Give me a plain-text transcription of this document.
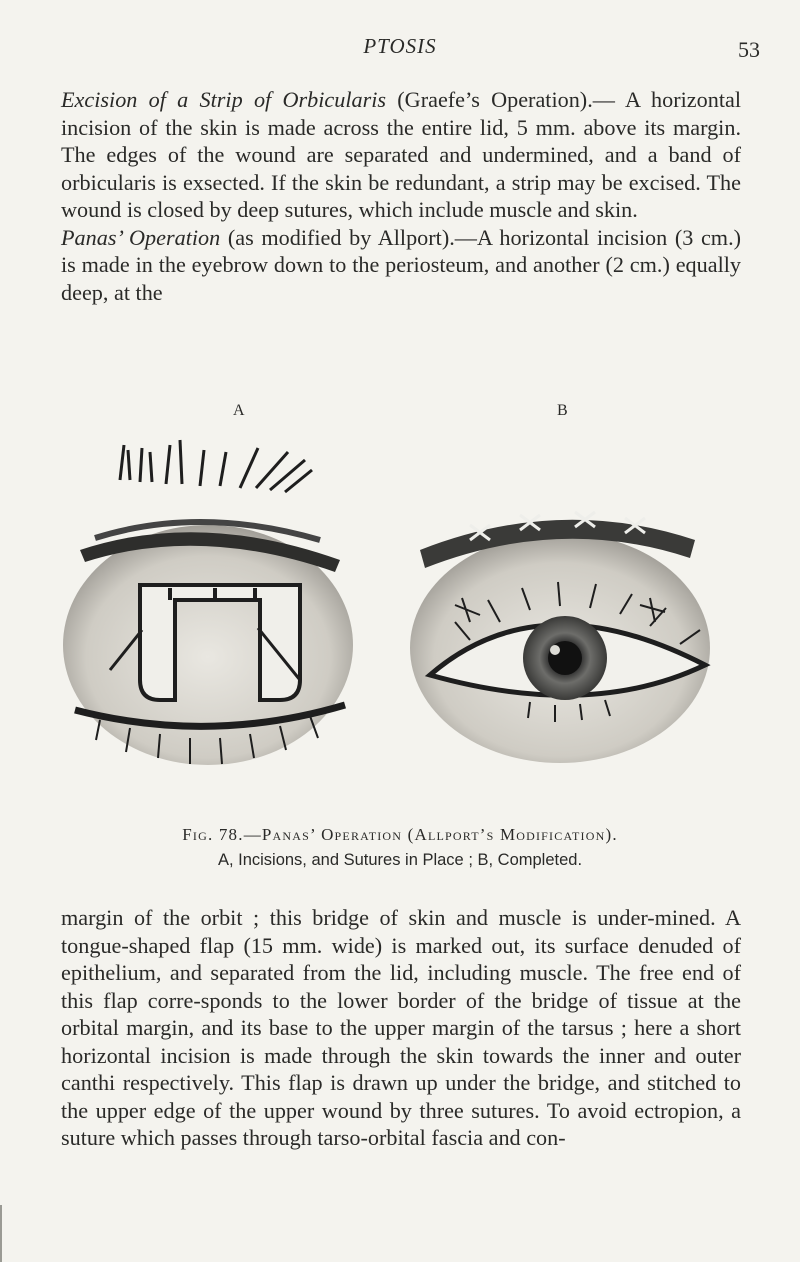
PTOSIS	53

Excision of a Strip of Orbicularis (Graefe’s Operation).— A horizontal incision of the skin is made across the entire lid, 5 mm. above its margin. The edges of the wound are separated and undermined, and a band of orbicularis is exsected. If the skin be redundant, a strip may be excised. The wound is closed by deep sutures, which include muscle and skin.

Panas’ Operation (as modified by Allport).—A horizontal incision (3 cm.) is made in the eyebrow down to the periosteum, and another (2 cm.) equally deep, at the

A	B
Fig. 78.—Panas’ Operation (Allport’s Modification).
A, Incisions, and Sutures in Place ; B, Completed.

margin of the orbit ; this bridge of skin and muscle is under-mined. A tongue-shaped flap (15 mm. wide) is marked out, its surface denuded of epithelium, and separated from the lid, including muscle. The free end of this flap corre-sponds to the lower border of the bridge of tissue at the orbital margin, and its base to the upper margin of the tarsus ; here a short horizontal incision is made through the skin towards the inner and outer canthi respectively. This flap is drawn up under the bridge, and stitched to the upper edge of the upper wound by three sutures. To avoid ectropion, a suture which passes through tarso-orbital fascia and con-
